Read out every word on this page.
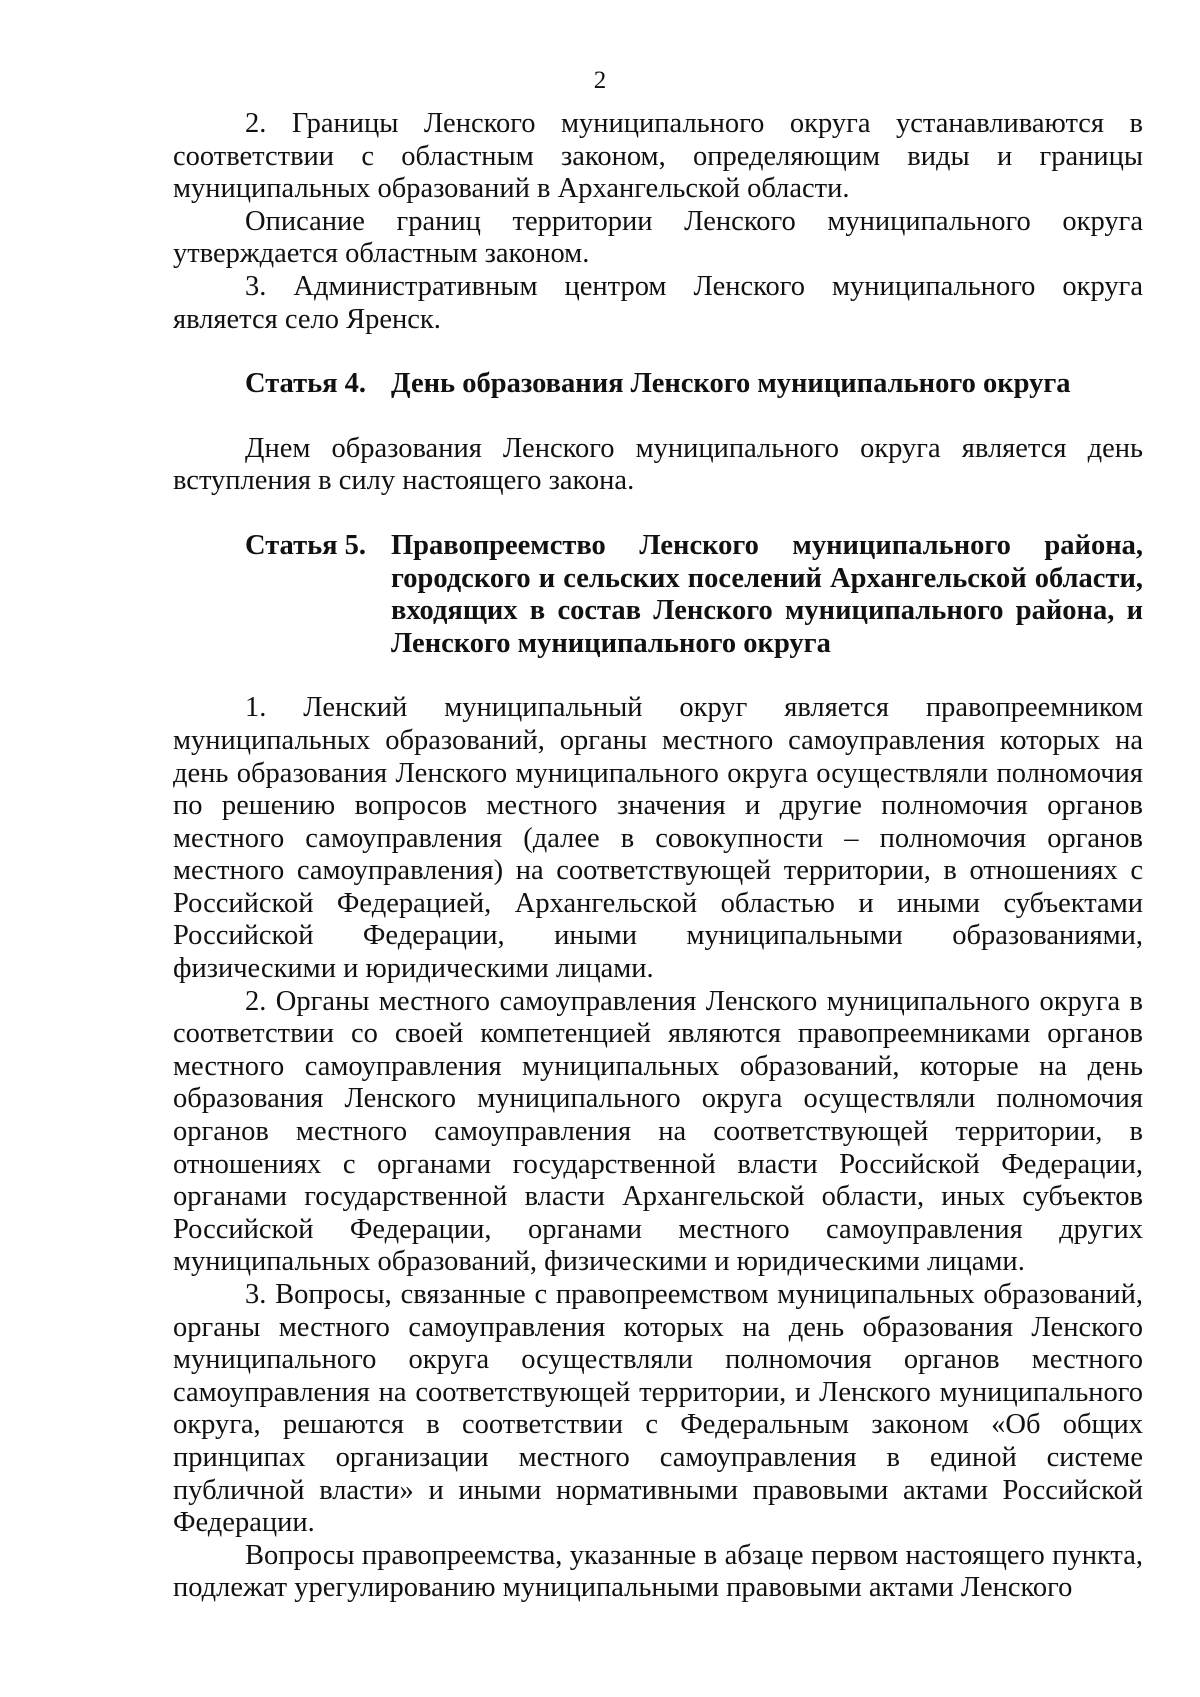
2

2. Границы Ленского муниципального округа устанавливаются в соответствии с областным законом, определяющим виды и границы муниципальных образований в Архангельской области.

Описание границ территории Ленского муниципального округа утверждается областным законом.

3. Административным центром Ленского муниципального округа является село Яренск.

Статья 4. День образования Ленского муниципального округа

Днем образования Ленского муниципального округа является день вступления в силу настоящего закона.

Статья 5. Правопреемство Ленского муниципального района, городского и сельских поселений Архангельской области, входящих в состав Ленского муниципального района, и Ленского муниципального округа

1. Ленский муниципальный округ является правопреемником муниципальных образований, органы местного самоуправления которых на день образования Ленского муниципального округа осуществляли полномочия по решению вопросов местного значения и другие полномочия органов местного самоуправления (далее в совокупности – полномочия органов местного самоуправления) на соответствующей территории, в отношениях с Российской Федерацией, Архангельской областью и иными субъектами Российской Федерации, иными муниципальными образованиями, физическими и юридическими лицами.

2. Органы местного самоуправления Ленского муниципального округа в соответствии со своей компетенцией являются правопреемниками органов местного самоуправления муниципальных образований, которые на день образования Ленского муниципального округа осуществляли полномочия органов местного самоуправления на соответствующей территории, в отношениях с органами государственной власти Российской Федерации, органами государственной власти Архангельской области, иных субъектов Российской Федерации, органами местного самоуправления других муниципальных образований, физическими и юридическими лицами.

3. Вопросы, связанные с правопреемством муниципальных образований, органы местного самоуправления которых на день образования Ленского муниципального округа осуществляли полномочия органов местного самоуправления на соответствующей территории, и Ленского муниципального округа, решаются в соответствии с Федеральным законом «Об общих принципах организации местного самоуправления в единой системе публичной власти» и иными нормативными правовыми актами Российской Федерации.

Вопросы правопреемства, указанные в абзаце первом настоящего пункта, подлежат урегулированию муниципальными правовыми актами Ленского
